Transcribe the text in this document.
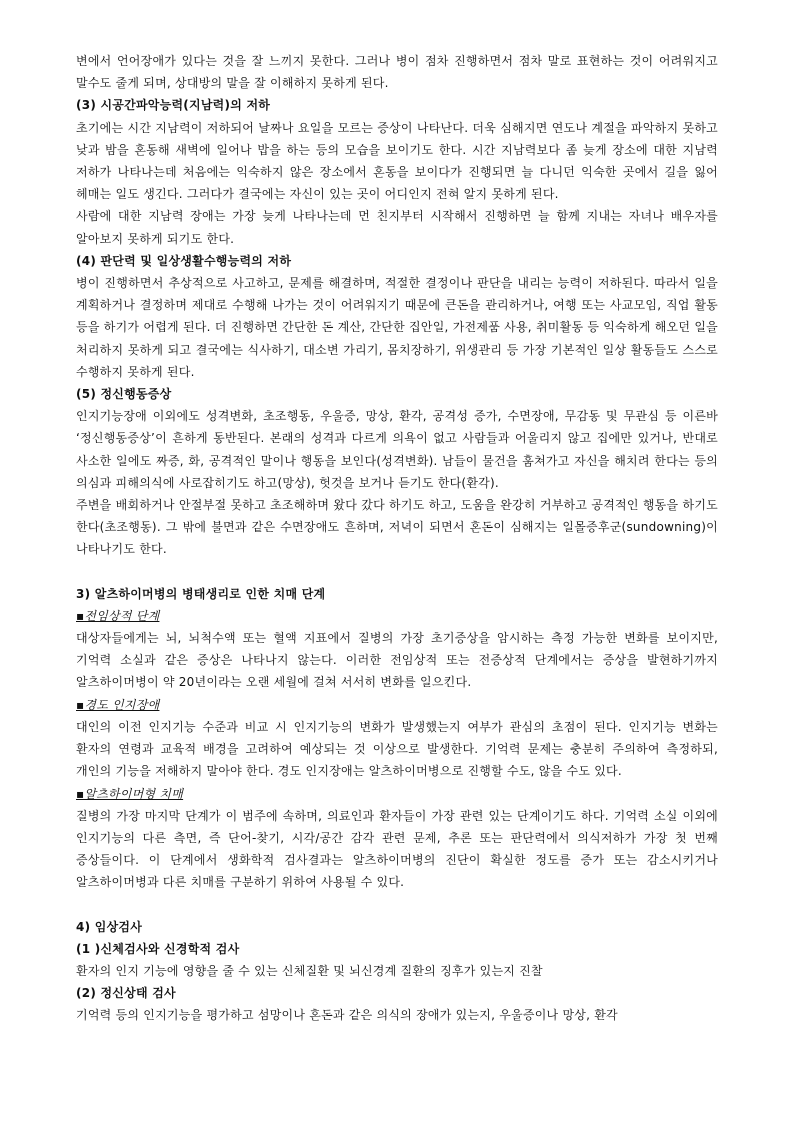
변에서 언어장애가 있다는 것을 잘 느끼지 못한다. 그러나 병이 점차 진행하면서 점차 말로 표현하는 것이 어려워지고 말수도 줄게 되며, 상대방의 말을 잘 이해하지 못하게 된다.

(3) 시공간파악능력(지남력)의 저하

초기에는 시간 지남력이 저하되어 날짜나 요일을 모르는 증상이 나타난다. 더욱 심해지면 연도나 계절을 파악하지 못하고 낮과 밤을 혼동해 새벽에 일어나 밥을 하는 등의 모습을 보이기도 한다. 시간 지남력보다 좀 늦게 장소에 대한 지남력 저하가 나타나는데 처음에는 익숙하지 않은 장소에서 혼동을 보이다가 진행되면 늘 다니던 익숙한 곳에서 길을 잃어 헤매는 일도 생긴다. 그러다가 결국에는 자신이 있는 곳이 어디인지 전혀 알지 못하게 된다.

사람에 대한 지남력 장애는 가장 늦게 나타나는데 먼 친지부터 시작해서 진행하면 늘 함께 지내는 자녀나 배우자를 알아보지 못하게 되기도 한다.

(4) 판단력 및 일상생활수행능력의 저하

병이 진행하면서 추상적으로 사고하고, 문제를 해결하며, 적절한 결정이나 판단을 내리는 능력이 저하된다. 따라서 일을 계획하거나 결정하며 제대로 수행해 나가는 것이 어려워지기 때문에 큰돈을 관리하거나, 여행 또는 사교모임, 직업 활동 등을 하기가 어렵게 된다. 더 진행하면 간단한 돈 계산, 간단한 집안일, 가전제품 사용, 취미활동 등 익숙하게 해오던 일을 처리하지 못하게 되고 결국에는 식사하기, 대소변 가리기, 몸치장하기, 위생관리 등 가장 기본적인 일상 활동들도 스스로 수행하지 못하게 된다.

(5) 정신행동증상

인지기능장애 이외에도 성격변화, 초조행동, 우울증, 망상, 환각, 공격성 증가, 수면장애, 무감동 및 무관심 등 이른바 ‘정신행동증상’이 흔하게 동반된다. 본래의 성격과 다르게 의욕이 없고 사람들과 어울리지 않고 집에만 있거나, 반대로 사소한 일에도 짜증, 화, 공격적인 말이나 행동을 보인다(성격변화). 남들이 물건을 훔쳐가고 자신을 해치려 한다는 등의 의심과 피해의식에 사로잡히기도 하고(망상), 헛것을 보거나 듣기도 한다(환각).

주변을 배회하거나 안절부절 못하고 초조해하며 왔다 갔다 하기도 하고, 도움을 완강히 거부하고 공격적인 행동을 하기도 한다(초조행동). 그 밖에 불면과 같은 수면장애도 흔하며, 저녁이 되면서 혼돈이 심해지는 일몰증후군(sundowning)이 나타나기도 한다.

3) 알츠하이머병의 병태생리로 인한 치매 단계

▪전임상적 단계

대상자들에게는 뇌, 뇌척수액 또는 혈액 지표에서 질병의 가장 초기증상을 암시하는 측정 가능한 변화를 보이지만, 기억력 소실과 같은 증상은 나타나지 않는다. 이러한 전임상적 또는 전증상적 단계에서는 증상을 발현하기까지 알츠하이머병이 약 20년이라는 오랜 세월에 걸쳐 서서히 변화를 일으킨다.

▪경도 인지장애

대인의 이전 인지기능 수준과 비교 시 인지기능의 변화가 발생했는지 여부가 관심의 초점이 된다. 인지기능 변화는 환자의 연령과 교육적 배경을 고려하여 예상되는 것 이상으로 발생한다. 기억력 문제는 충분히 주의하여 측정하되, 개인의 기능을 저해하지 말아야 한다. 경도 인지장애는 알츠하이머병으로 진행할 수도, 않을 수도 있다.

▪알츠하이머형 치매

질병의 가장 마지막 단계가 이 범주에 속하며, 의료인과 환자들이 가장 관련 있는 단계이기도 하다. 기억력 소실 이외에 인지기능의 다른 측면, 즉 단어-찾기, 시각/공간 감각 관련 문제, 추론 또는 판단력에서 의식저하가 가장 첫 번째 증상들이다. 이 단계에서 생화학적 검사결과는 알츠하이머병의 진단이 확실한 정도를 증가 또는 감소시키거나 알츠하이머병과 다른 치매를 구분하기 위하여 사용될 수 있다.

4) 임상검사

(1 )신체검사와 신경학적 검사

환자의 인지 기능에 영향을 줄 수 있는 신체질환 및 뇌신경계 질환의 징후가 있는지 진찰

(2) 정신상태 검사

기억력 등의 인지기능을 평가하고 섬망이나 혼돈과 같은 의식의 장애가 있는지, 우울증이나 망상, 환각
